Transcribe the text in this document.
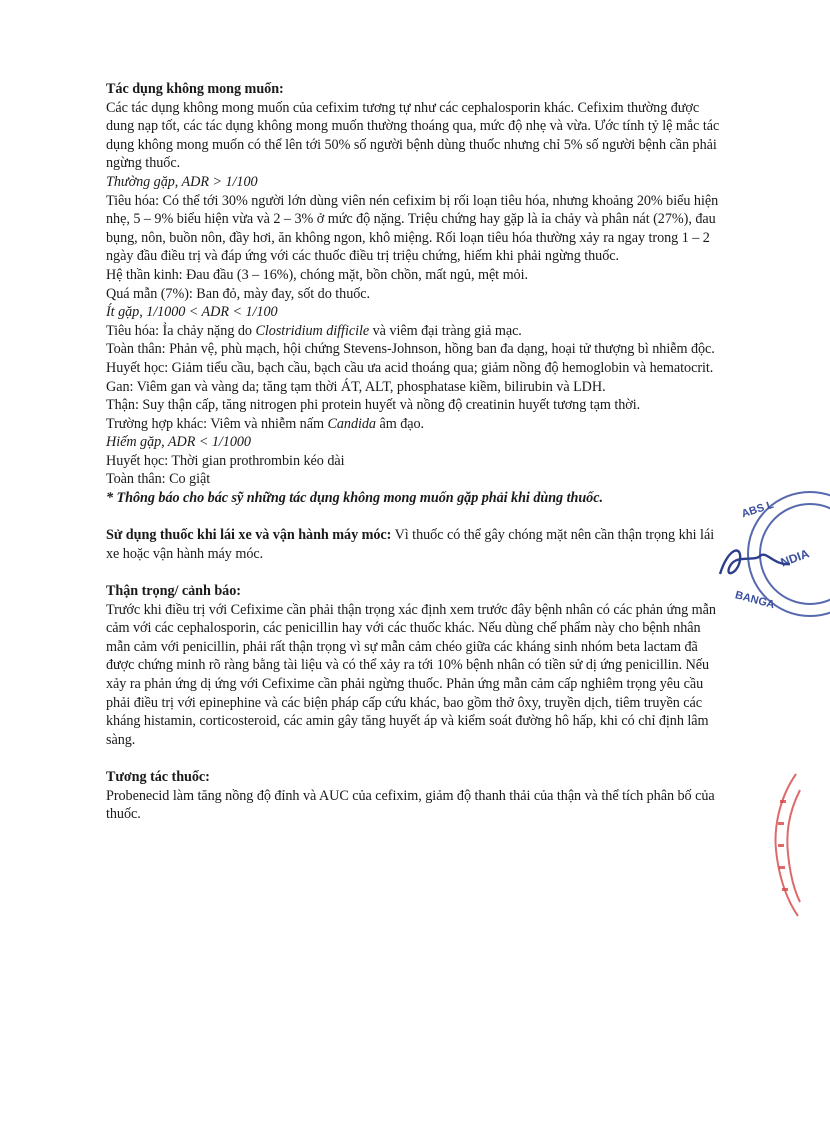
Tác dụng không mong muốn:

Các tác dụng không mong muốn của cefixim tương tự như các cephalosporin khác. Cefixim thường được dung nạp tốt, các tác dụng không mong muốn thường thoáng qua, mức độ nhẹ và vừa. Ước tính tỷ lệ mắc tác dụng không mong muốn có thể lên tới 50% số người bệnh dùng thuốc nhưng chỉ 5% số người bệnh cần phải ngừng thuốc.

Thường gặp, ADR > 1/100

Tiêu hóa: Có thể tới 30% người lớn dùng viên nén cefixim bị rối loạn tiêu hóa, nhưng khoảng 20% biểu hiện nhẹ, 5 – 9% biểu hiện vừa và 2 – 3% ở mức độ nặng. Triệu chứng hay gặp là ỉa chảy và phân nát (27%), đau bụng, nôn, buồn nôn, đầy hơi, ăn không ngon, khô miệng. Rối loạn tiêu hóa thường xảy ra ngay trong 1 – 2 ngày đầu điều trị và đáp ứng với các thuốc điều trị triệu chứng, hiếm khi phải ngừng thuốc.

Hệ thần kinh: Đau đầu (3 – 16%), chóng mặt, bồn chồn, mất ngủ, mệt mỏi.

Quá mẫn (7%): Ban đỏ, mày đay, sốt do thuốc.

Ít gặp, 1/1000 < ADR < 1/100

Tiêu hóa: Ỉa chảy nặng do Clostridium difficile và viêm đại tràng giả mạc.

Toàn thân: Phản vệ, phù mạch, hội chứng Stevens-Johnson, hồng ban đa dạng, hoại tử thượng bì nhiễm độc.

Huyết học: Giảm tiểu cầu, bạch cầu, bạch cầu ưa acid thoáng qua; giảm nồng độ hemoglobin và hematocrit.

Gan: Viêm gan và vàng da; tăng tạm thời ÁT, ALT, phosphatase kiềm, bilirubin và LDH.

Thận: Suy thận cấp, tăng nitrogen phi protein huyết và nồng độ creatinin huyết tương tạm thời.

Trường hợp khác: Viêm và nhiễm nấm Candida âm đạo.

Hiếm gặp, ADR < 1/1000

Huyết học: Thời gian prothrombin kéo dài

Toàn thân: Co giật

* Thông báo cho bác sỹ những tác dụng không mong muốn gặp phải khi dùng thuốc.

Sử dụng thuốc khi lái xe và vận hành máy móc: Vì thuốc có thể gây chóng mặt nên cần thận trọng khi lái xe hoặc vận hành máy móc.

Thận trọng/ cảnh báo:

Trước khi điều trị với Cefixime cần phải thận trọng xác định xem trước đây bệnh nhân có các phản ứng mẫn cảm với các cephalosporin, các penicillin hay với các thuốc khác. Nếu dùng chế phẩm này cho bệnh nhân mẫn cảm với penicillin, phải rất thận trọng vì sự mẫn cảm chéo giữa các kháng sinh nhóm beta lactam đã được chứng minh rõ ràng bằng tài liệu và có thể xảy ra tới 10% bệnh nhân có tiền sử dị ứng penicillin. Nếu xảy ra phản ứng dị ứng với Cefixime cần phải ngừng thuốc. Phản ứng mẫn cảm cấp nghiêm trọng yêu cầu phải điều trị với epinephine và các biện pháp cấp cứu khác, bao gồm thở ôxy, truyền dịch, tiêm truyền các kháng histamin, corticosteroid, các amin gây tăng huyết áp và kiểm soát đường hô hấp, khi có chỉ định lâm sàng.

Tương tác thuốc:

Probenecid làm tăng nồng độ đỉnh và AUC của cefixim, giảm độ thanh thải của thận và thể tích phân bố của thuốc.

ABS L
NDIA
BANGA
